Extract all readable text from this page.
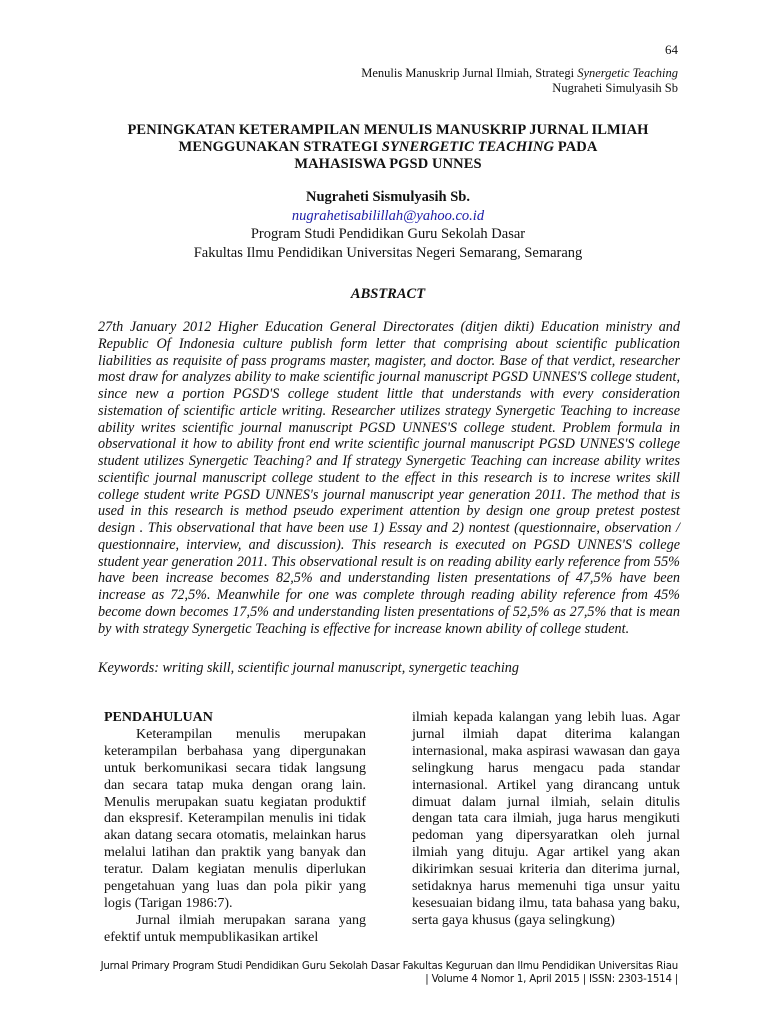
64
Menulis Manuskrip Jurnal Ilmiah, Strategi Synergetic Teaching
Nugraheti Simulyasih Sb
PENINGKATAN KETERAMPILAN MENULIS MANUSKRIP JURNAL ILMIAH
MENGGUNAKAN STRATEGI SYNERGETIC TEACHING PADA
MAHASISWA PGSD UNNES
Nugraheti Sismulyasih Sb.
nugrahetisabilillah@yahoo.co.id
Program Studi Pendidikan Guru Sekolah Dasar
Fakultas Ilmu Pendidikan Universitas Negeri Semarang, Semarang
ABSTRACT
27th January 2012 Higher Education General Directorates (ditjen dikti) Education ministry and Republic Of Indonesia culture publish form letter that comprising about scientific publication liabilities as requisite of pass programs master, magister, and doctor. Base of that verdict, researcher most draw for analyzes ability to make scientific journal manuscript PGSD UNNES'S college student, since new a portion PGSD'S college student little that understands with every consideration sistemation of scientific article writing. Researcher utilizes strategy Synergetic Teaching to increase ability writes scientific journal manuscript PGSD UNNES'S college student. Problem formula in observational it how to ability front end write scientific journal manuscript PGSD UNNES'S college student utilizes Synergetic Teaching? and If strategy Synergetic Teaching can increase ability writes scientific journal manuscript college student to the effect in this research is to increse writes skill college student write PGSD UNNES's journal manuscript year generation 2011. The method that is used in this research is method pseudo experiment attention by design one group pretest postest design . This observational that have been use 1) Essay and 2) nontest (questionnaire, observation / questionnaire, interview, and discussion). This research is executed on PGSD UNNES'S college student year generation 2011. This observational result is on reading ability early reference from 55% have been increase becomes 82,5% and understanding listen presentations of 47,5% have been increase as 72,5%. Meanwhile for one was complete through reading ability reference from 45% become down becomes 17,5% and understanding listen presentations of 52,5% as 27,5% that is mean by with strategy Synergetic Teaching is effective for increase known ability of college student.
Keywords: writing skill, scientific journal manuscript, synergetic teaching

PENDAHULUAN

Keterampilan menulis merupakan keterampilan berbahasa yang dipergunakan untuk berkomunikasi secara tidak langsung dan secara tatap muka dengan orang lain. Menulis merupakan suatu kegiatan produktif dan ekspresif. Keterampilan menulis ini tidak akan datang secara otomatis, melainkan harus melalui latihan dan praktik yang banyak dan teratur. Dalam kegiatan menulis diperlukan pengetahuan yang luas dan pola pikir yang logis (Tarigan 1986:7).

Jurnal ilmiah merupakan sarana yang efektif untuk mempublikasikan artikel

ilmiah kepada kalangan yang lebih luas. Agar jurnal ilmiah dapat diterima kalangan internasional, maka aspirasi wawasan dan gaya selingkung harus mengacu pada standar internasional. Artikel yang dirancang untuk dimuat dalam jurnal ilmiah, selain ditulis dengan tata cara ilmiah, juga harus mengikuti pedoman yang dipersyaratkan oleh jurnal ilmiah yang dituju. Agar artikel yang akan dikirimkan sesuai kriteria dan diterima jurnal, setidaknya harus memenuhi tiga unsur yaitu kesesuaian bidang ilmu, tata bahasa yang baku, serta gaya khusus (gaya selingkung)

Jurnal Primary Program Studi Pendidikan Guru Sekolah Dasar Fakultas Keguruan dan Ilmu Pendidikan Universitas Riau
| Volume 4 Nomor 1, April 2015 | ISSN: 2303-1514 |
